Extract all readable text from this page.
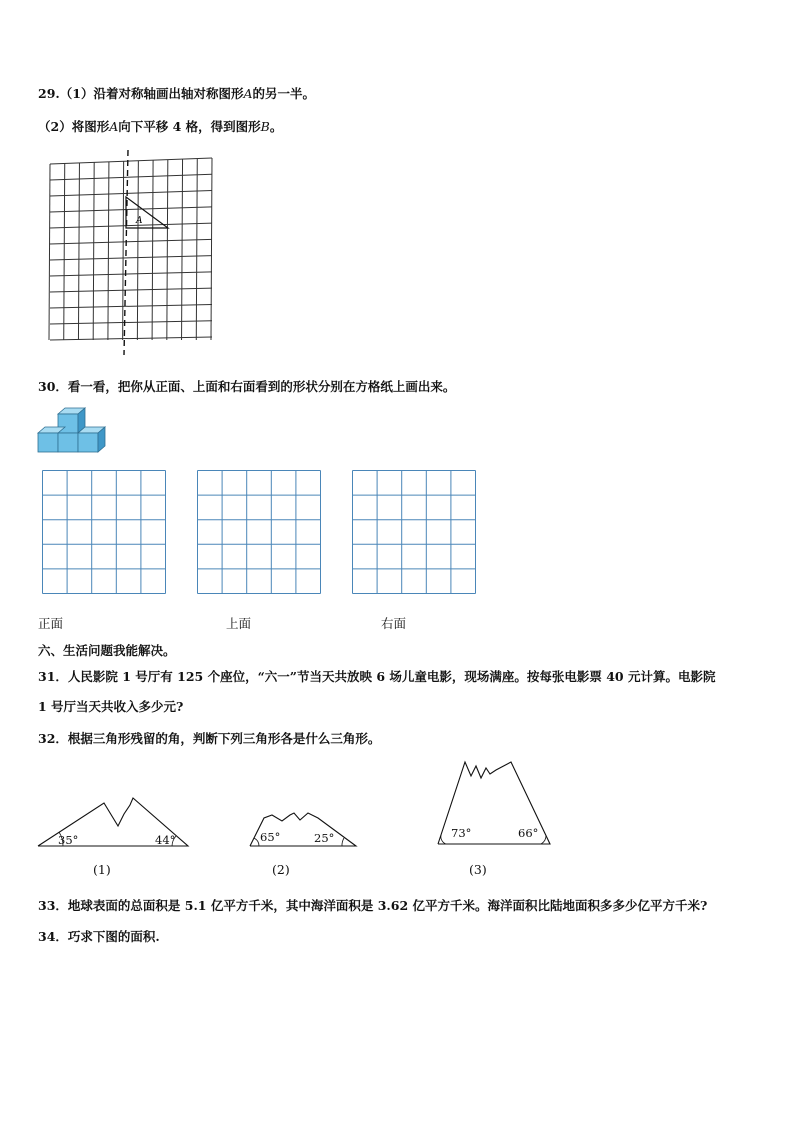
29.（1）沿着对称轴画出轴对称图形A的另一半。
（2）将图形A向下平移 4 格，得到图形B。
A
30．看一看，把你从正面、上面和右面看到的形状分别在方格纸上画出来。
正面	上面	右面
六、生活问题我能解决。
31．人民影院 1 号厅有 125 个座位，“六一”节当天共放映 6 场儿童电影，现场满座。按每张电影票 40 元计算。电影院
1 号厅当天共收入多少元?
32．根据三角形残留的角，判断下列三角形各是什么三角形。
35°	44°
(1)
65°	25°
(2)
73°	66°
(3)
33．地球表面的总面积是 5.1 亿平方千米，其中海洋面积是 3.62 亿平方千米。海洋面积比陆地面积多多少亿平方千米?
34．巧求下图的面积.
